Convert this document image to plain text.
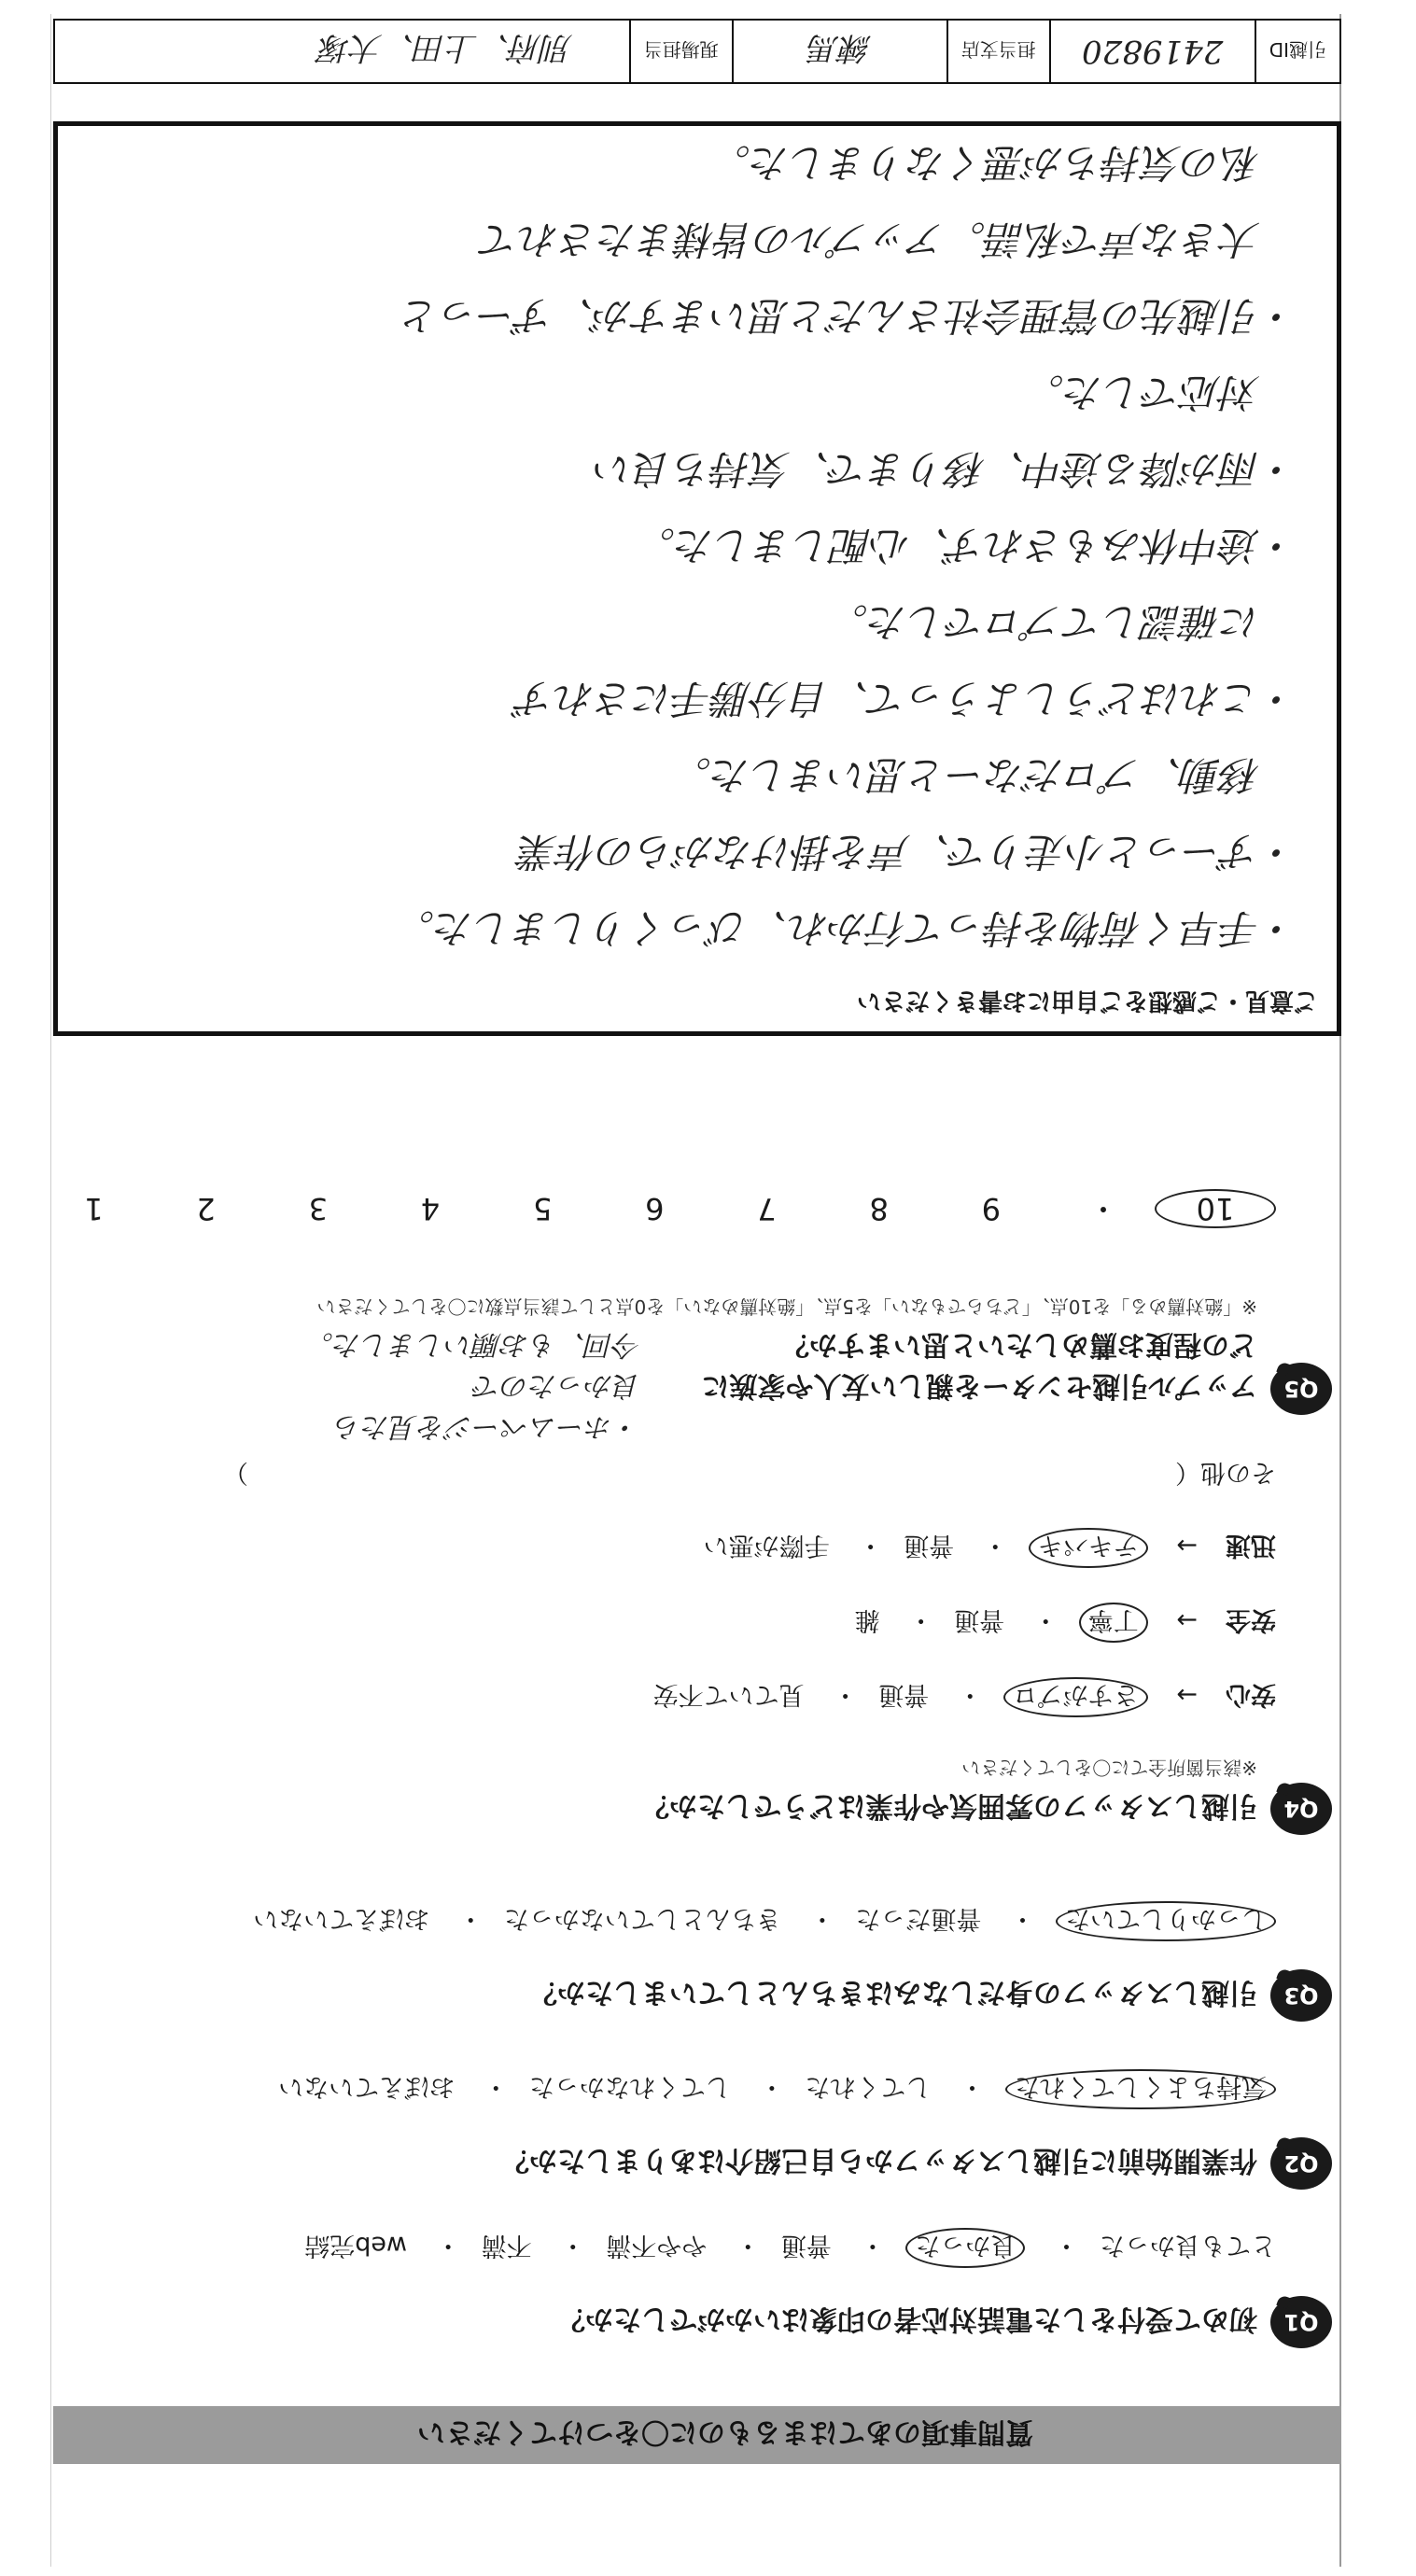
質問事項のあてはまるものに〇をつけてください
Q1
初めて受付をした電話対応者の印象はいかがでしたか？
とても良かった・ 良かった・ 普通・ やや不満・ 不満・ web完結
Q2
作業開始前に引越しスタッフから自己紹介はありましたか？
気持ちよくしてくれた・ してくれた・ してくれなかった・ おぼえていない
Q3
引越しスタッフの身だしなみはきちんとしていましたか？
しっかりしていた・ 普通だった・ きちんとしていなかった・ おぼえていない
Q4
引越しスタッフの雰囲気や作業はどうでしたか？
※該当箇所全てに〇をしてください
安心→ さすがプロ・ 普通・ 見ていて不安
安全→ 丁寧・ 普通・ 雑
迅速→ テキパキ・ 普通・ 手際が悪い
その他（
）
Q5
アップル引越センターを親しい友人や家族に
どの程度お薦めしたいと思いますか？
※「絶対薦める」を10点、「どちらでもない」を5点、「絶対薦めない」を0点として該当点数に〇をしてください
・ホームページを見たら
良かったので
今回、もお願いしました。
10・ 9 8 7 6 5 4 3 2 1
ご意見・ご感想をご自由にお書きください
・手早く荷物を持って行かれ、びっくりしました。
・ずーっと小走りで、声を掛けながらの作業
　移動、プロだなーと思いました。
・これはどうしようって、自分勝手にされず
　に確認してプロでした。
・途中休みもされず、心配しました。
・雨が降る途中、移りまで、気持ち良い
　対応でした。
・引越先の管理会社さんだと思いますが、ずーっと
　大きな声で私語。アップルの皆様またされて
　私の気持ちが悪くなりました。
引越ID
2419820
担当支店
練馬
現場担当
別府、上田、大塚
